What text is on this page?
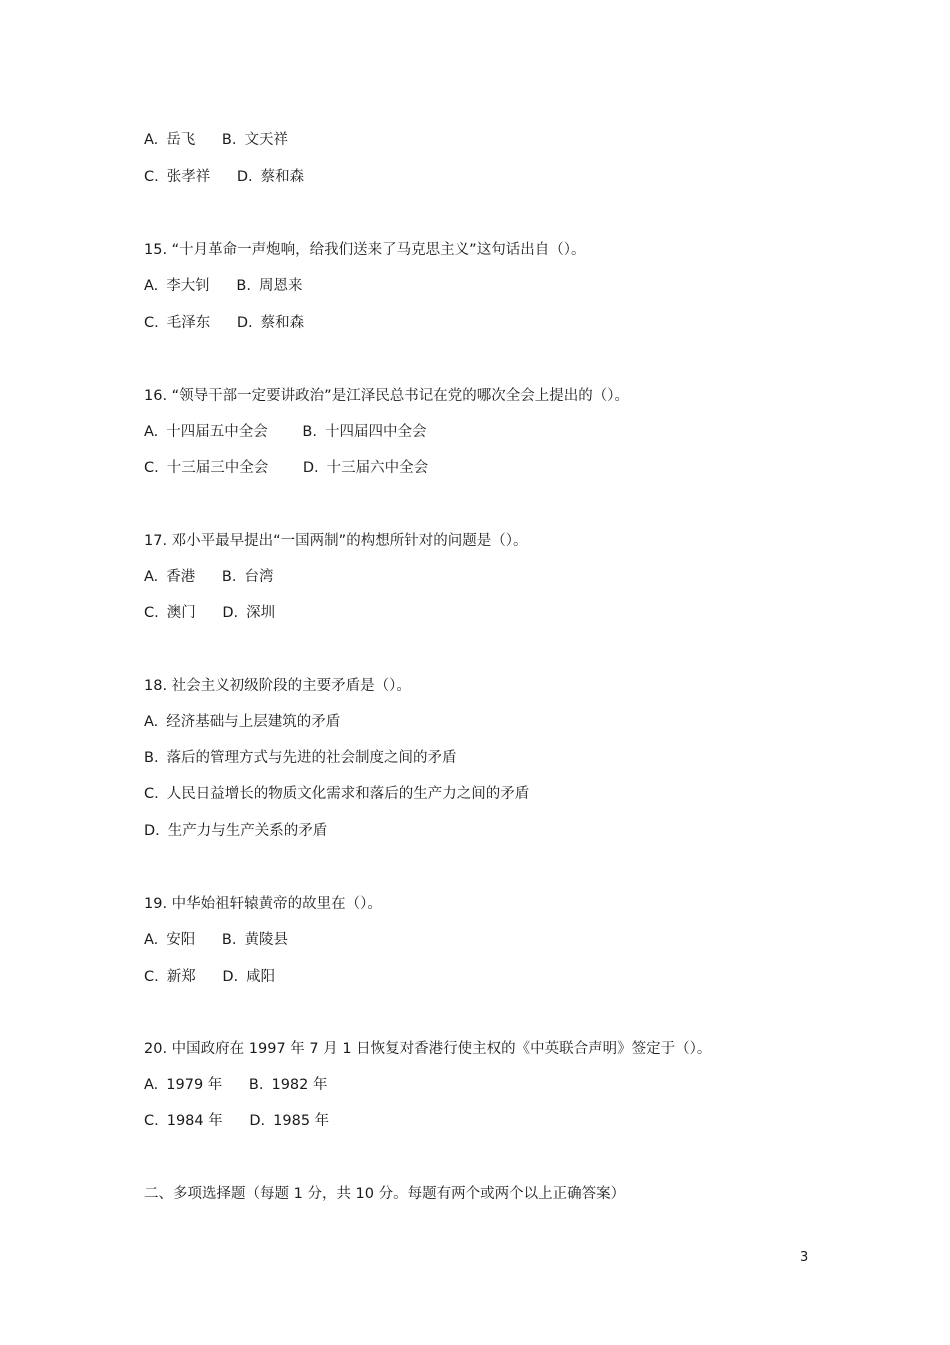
A. 岳飞 B. 文天祥
C. 张孝祥 D. 蔡和森
15. “十月革命一声炮响，给我们送来了马克思主义”这句话出自（）。
A. 李大钊 B. 周恩来
C. 毛泽东 D. 蔡和森
16. “领导干部一定要讲政治”是江泽民总书记在党的哪次全会上提出的（）。
A. 十四届五中全会 B. 十四届四中全会
C. 十三届三中全会 D. 十三届六中全会
17. 邓小平最早提出“一国两制”的构想所针对的问题是（）。
A. 香港 B. 台湾
C. 澳门 D. 深圳
18. 社会主义初级阶段的主要矛盾是（）。
A. 经济基础与上层建筑的矛盾
B. 落后的管理方式与先进的社会制度之间的矛盾
C. 人民日益增长的物质文化需求和落后的生产力之间的矛盾
D. 生产力与生产关系的矛盾
19. 中华始祖轩辕黄帝的故里在（）。
A. 安阳 B. 黄陵县
C. 新郑 D. 咸阳
20. 中国政府在 1997 年 7 月 1 日恢复对香港行使主权的《中英联合声明》签定于（）。
A. 1979 年 B. 1982 年
C. 1984 年 D. 1985 年
二、多项选择题（每题 1 分，共 10 分。每题有两个或两个以上正确答案）
3
